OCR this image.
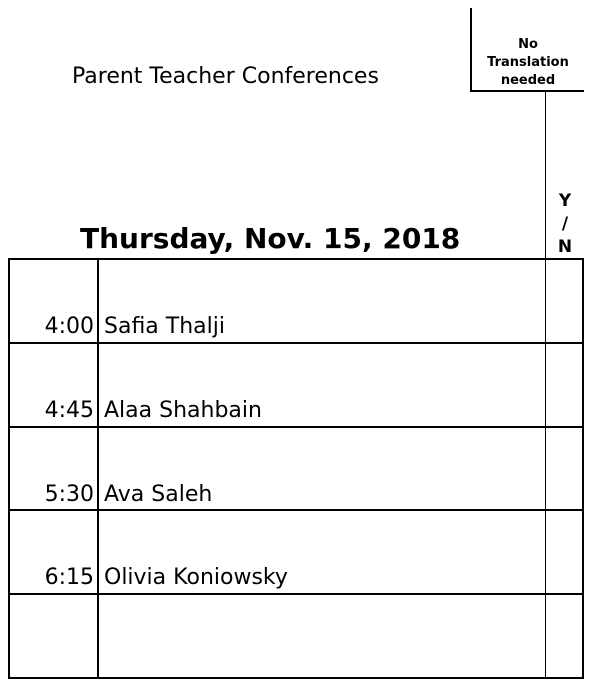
Parent Teacher Conferences
No
Translation
needed
Y
/
N
Thursday, Nov. 15, 2018
4:00 Safia Thalji
4:45 Alaa Shahbain
5:30 Ava Saleh
6:15 Olivia Koniowsky
